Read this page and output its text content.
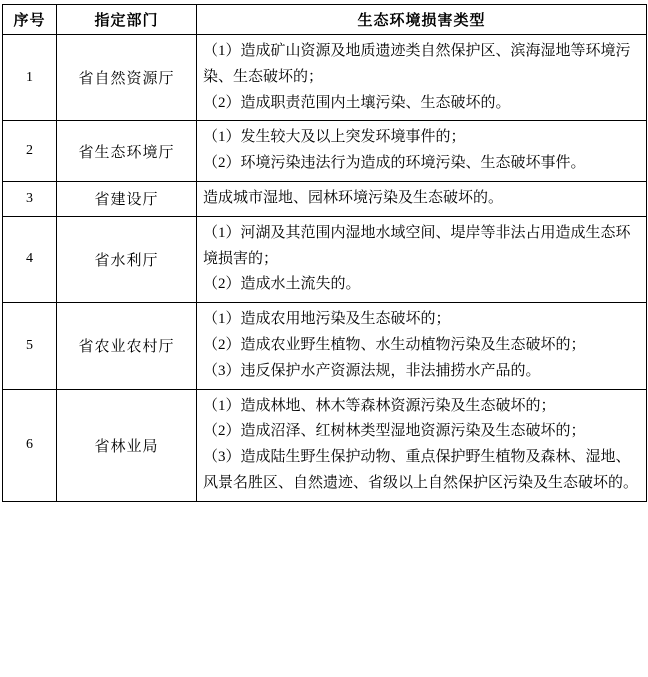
序号	指定部门	生态环境损害类型
1	省自然资源厅	（1）造成矿山资源及地质遗迹类自然保护区、滨海湿地等环境污染、生态破坏的；

（2）造成职责范围内土壤污染、生态破坏的。

2	省生态环境厅	（1）发生较大及以上突发环境事件的；

（2）环境污染违法行为造成的环境污染、生态破坏事件。

3	省建设厅	造成城市湿地、园林环境污染及生态破坏的。

4	省水利厅	（1）河湖及其范围内湿地水域空间、堤岸等非法占用造成生态环境损害的；

（2）造成水土流失的。

5	省农业农村厅	（1）造成农用地污染及生态破坏的；

（2）造成农业野生植物、水生动植物污染及生态破坏的；

（3）违反保护水产资源法规，非法捕捞水产品的。

6	省林业局	（1）造成林地、林木等森林资源污染及生态破坏的；

（2）造成沼泽、红树林类型湿地资源污染及生态破坏的；

（3）造成陆生野生保护动物、重点保护野生植物及森林、湿地、风景名胜区、自然遗迹、省级以上自然保护区污染及生态破坏的。
